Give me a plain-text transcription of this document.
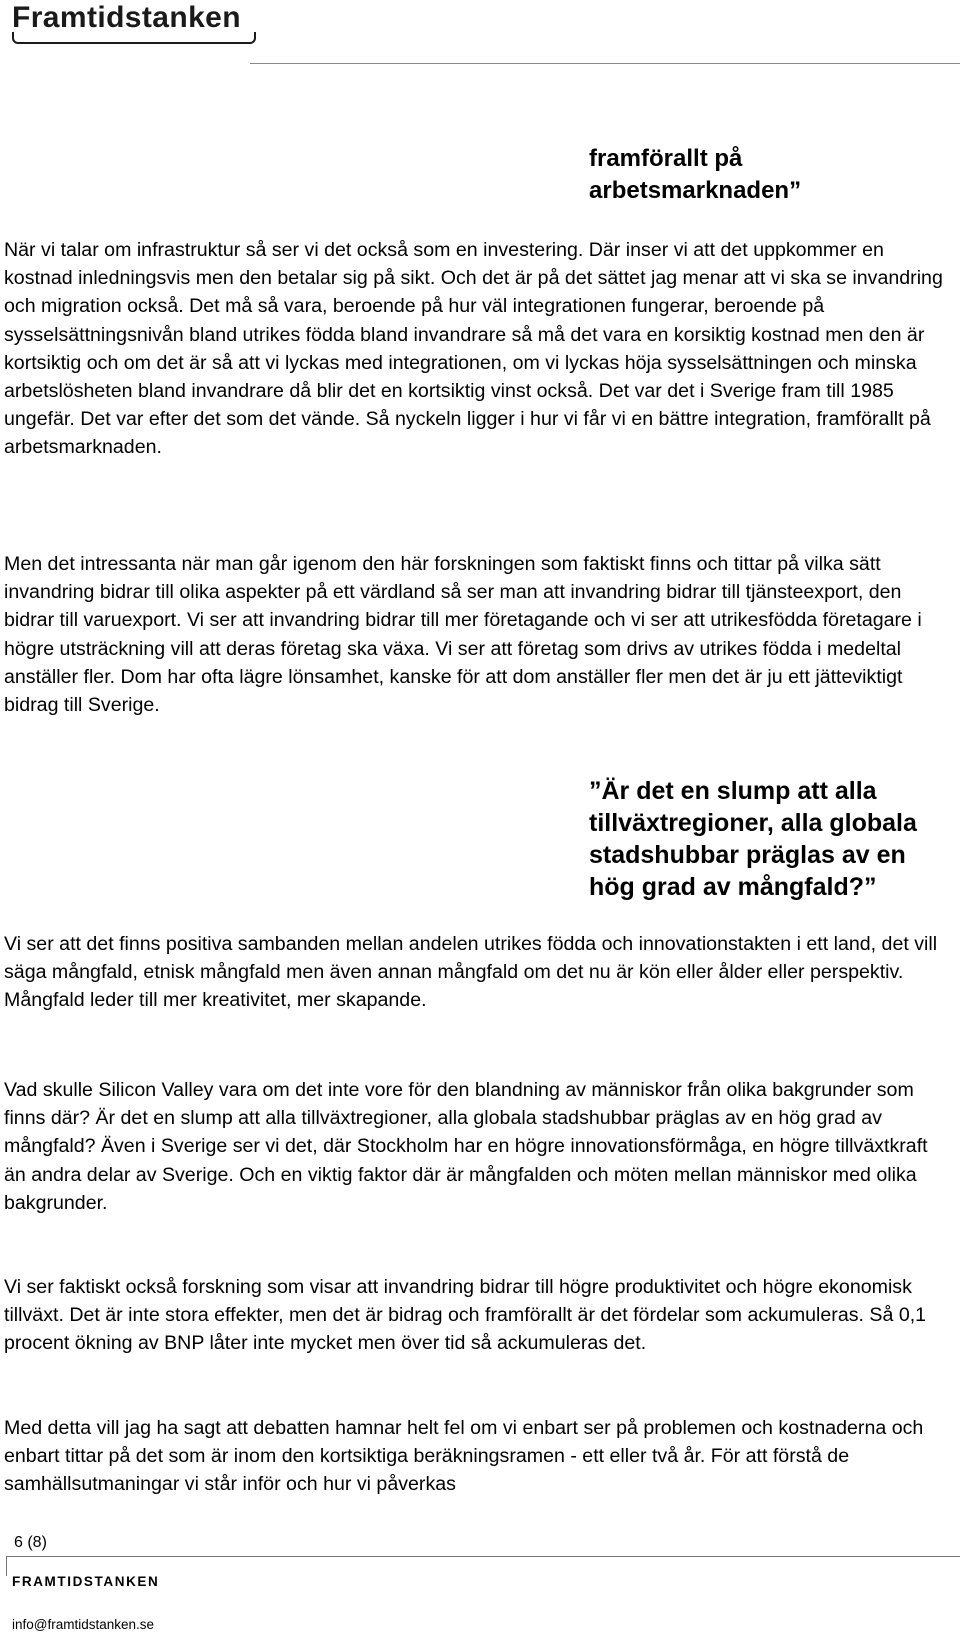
Framtidstanken
framförallt på arbetsmarknaden”

När vi talar om infrastruktur så ser vi det också som en investering. Där inser vi att det uppkommer en kostnad inledningsvis men den betalar sig på sikt. Och det är på det sättet jag menar att vi ska se invandring och migration också. Det må så vara, beroende på hur väl integrationen fungerar, beroende på sysselsättningsnivån bland utrikes födda bland invandrare så må det vara en korsiktig kostnad men den är kortsiktig och om det är så att vi lyckas med integrationen, om vi lyckas höja sysselsättningen och minska arbetslösheten bland invandrare då blir det en kortsiktig vinst också. Det var det i Sverige fram till 1985 ungefär. Det var efter det som det vände. Så nyckeln ligger i hur vi får vi en bättre integration, framförallt på arbetsmarknaden.

Men det intressanta när man går igenom den här forskningen som faktiskt finns och tittar på vilka sätt invandring bidrar till olika aspekter på ett värdland så ser man att invandring bidrar till tjänsteexport, den bidrar till varuexport. Vi ser att invandring bidrar till mer företagande och vi ser att utrikesfödda företagare i högre utsträckning vill att deras företag ska växa. Vi ser att företag som drivs av utrikes födda i medeltal anställer fler. Dom har ofta lägre lönsamhet, kanske för att dom anställer fler men det är ju ett jätteviktigt bidrag till Sverige.

”Är det en slump att alla tillväxtregioner, alla globala stadshubbar präglas av en hög grad av mångfald?”

Vi ser att det finns positiva sambanden mellan andelen utrikes födda och innovationstakten i ett land, det vill säga mångfald, etnisk mångfald men även annan mångfald om det nu är kön eller ålder eller perspektiv. Mångfald leder till mer kreativitet, mer skapande.

Vad skulle Silicon Valley vara om det inte vore för den blandning av människor från olika bakgrunder som finns där? Är det en slump att alla tillväxtregioner, alla globala stadshubbar präglas av en hög grad av mångfald? Även i Sverige ser vi det, där Stockholm har en högre innovationsförmåga, en högre tillväxtkraft än andra delar av Sverige. Och en viktig faktor där är mångfalden och möten mellan människor med olika bakgrunder.

Vi ser faktiskt också forskning som visar att invandring bidrar till högre produktivitet och högre ekonomisk tillväxt. Det är inte stora effekter, men det är bidrag och framförallt är det fördelar som ackumuleras. Så 0,1 procent ökning av BNP låter inte mycket men över tid så ackumuleras det.

Med detta vill jag ha sagt att debatten hamnar helt fel om vi enbart ser på problemen och kostnaderna och enbart tittar på det som är inom den kortsiktiga beräkningsramen - ett eller två år. För att förstå de samhällsutmaningar vi står inför och hur vi påverkas

6 (8)
FRAMTIDSTANKEN
info@framtidstanken.se
